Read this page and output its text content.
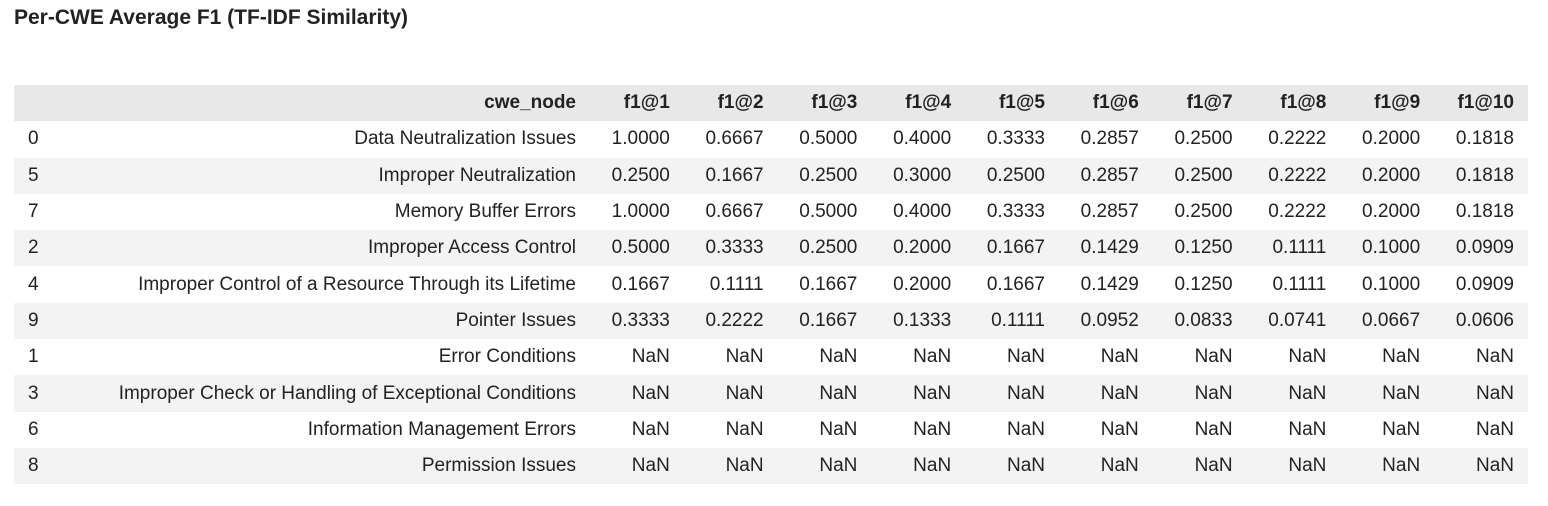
Per-CWE Average F1 (TF-IDF Similarity)
	cwe_node	f1@1	f1@2	f1@3	f1@4	f1@5	f1@6	f1@7	f1@8	f1@9	f1@10
0	Data Neutralization Issues	1.0000	0.6667	0.5000	0.4000	0.3333	0.2857	0.2500	0.2222	0.2000	0.1818
5	Improper Neutralization	0.2500	0.1667	0.2500	0.3000	0.2500	0.2857	0.2500	0.2222	0.2000	0.1818
7	Memory Buffer Errors	1.0000	0.6667	0.5000	0.4000	0.3333	0.2857	0.2500	0.2222	0.2000	0.1818
2	Improper Access Control	0.5000	0.3333	0.2500	0.2000	0.1667	0.1429	0.1250	0.1111	0.1000	0.0909
4	Improper Control of a Resource Through its Lifetime	0.1667	0.1111	0.1667	0.2000	0.1667	0.1429	0.1250	0.1111	0.1000	0.0909
9	Pointer Issues	0.3333	0.2222	0.1667	0.1333	0.1111	0.0952	0.0833	0.0741	0.0667	0.0606
1	Error Conditions	NaN	NaN	NaN	NaN	NaN	NaN	NaN	NaN	NaN	NaN
3	Improper Check or Handling of Exceptional Conditions	NaN	NaN	NaN	NaN	NaN	NaN	NaN	NaN	NaN	NaN
6	Information Management Errors	NaN	NaN	NaN	NaN	NaN	NaN	NaN	NaN	NaN	NaN
8	Permission Issues	NaN	NaN	NaN	NaN	NaN	NaN	NaN	NaN	NaN	NaN
